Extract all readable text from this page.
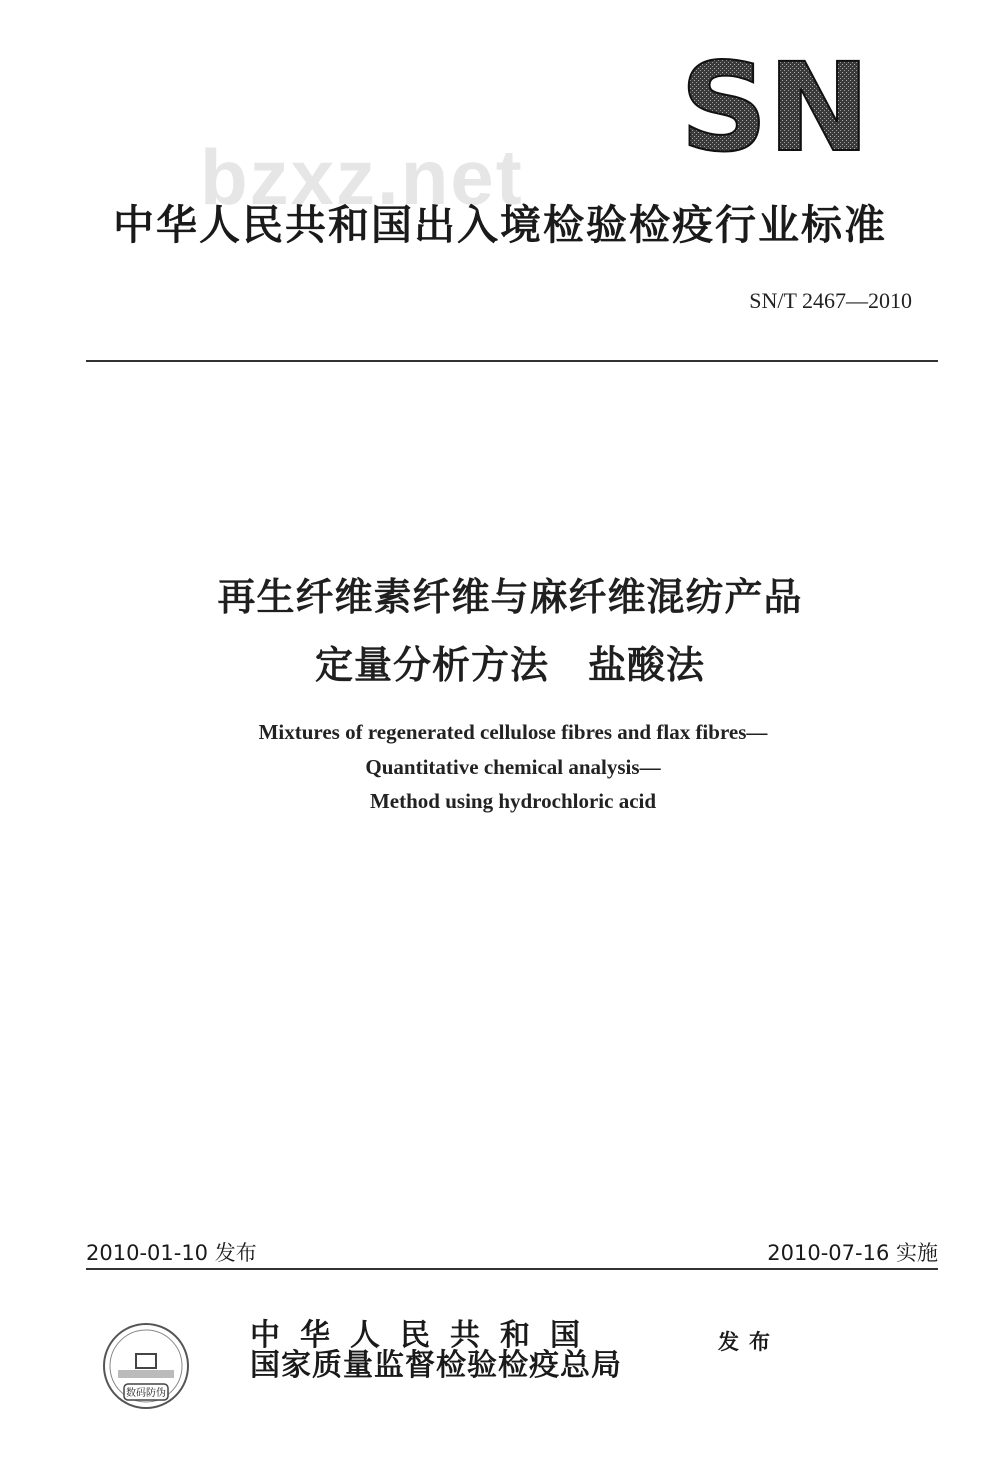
SN
bzxz.net
中华人民共和国出入境检验检疫行业标准
SN/T 2467—2010
再生纤维素纤维与麻纤维混纺产品
定量分析方法　盐酸法
Mixtures of regenerated cellulose fibres and flax fibres—
Quantitative chemical analysis—
Method using hydrochloric acid
2010-01-10 发布	2010-07-16 实施
数码防伪
中华人民共和国
国家质量监督检验检疫总局
发布
